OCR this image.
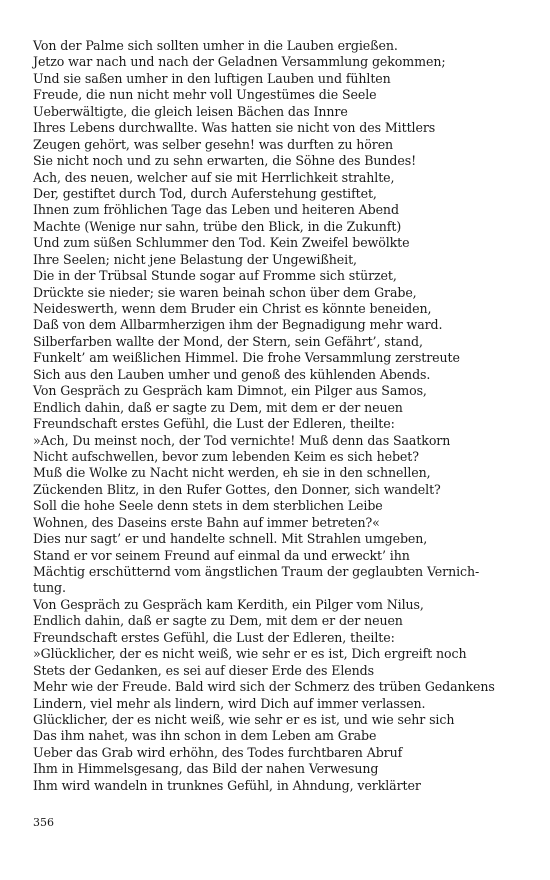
Von der Palme sich sollten umher in die Lauben ergießen.
Jetzo war nach und nach der Geladnen Versammlung gekommen;
Und sie saßen umher in den luftigen Lauben und fühlten
Freude, die nun nicht mehr voll Ungestümes die Seele
Ueberwältigte, die gleich leisen Bächen das Innre
Ihres Lebens durchwallte. Was hatten sie nicht von des Mittlers
Zeugen gehört, was selber gesehn! was durften zu hören
Sie nicht noch und zu sehn erwarten, die Söhne des Bundes!
Ach, des neuen, welcher auf sie mit Herrlichkeit strahlte,
Der, gestiftet durch Tod, durch Auferstehung gestiftet,
Ihnen zum fröhlichen Tage das Leben und heiteren Abend
Machte (Wenige nur sahn, trübe den Blick, in die Zukunft)
Und zum süßen Schlummer den Tod. Kein Zweifel bewölkte
Ihre Seelen; nicht jene Belastung der Ungewißheit,
Die in der Trübsal Stunde sogar auf Fromme sich stürzet,
Drückte sie nieder; sie waren beinah schon über dem Grabe,
Neideswerth, wenn dem Bruder ein Christ es könnte beneiden,
Daß von dem Allbarmherzigen ihm der Begnadigung mehr ward.
Silberfarben wallte der Mond, der Stern, sein Gefährt’, stand,
Funkelt’ am weißlichen Himmel. Die frohe Versammlung zerstreute
Sich aus den Lauben umher und genoß des kühlenden Abends.
Von Gespräch zu Gespräch kam Dimnot, ein Pilger aus Samos,
Endlich dahin, daß er sagte zu Dem, mit dem er der neuen
Freundschaft erstes Gefühl, die Lust der Edleren, theilte:
»Ach, Du meinst noch, der Tod vernichte! Muß denn das Saatkorn
Nicht aufschwellen, bevor zum lebenden Keim es sich hebet?
Muß die Wolke zu Nacht nicht werden, eh sie in den schnellen,
Zückenden Blitz, in den Rufer Gottes, den Donner, sich wandelt?
Soll die hohe Seele denn stets in dem sterblichen Leibe
Wohnen, des Daseins erste Bahn auf immer betreten?«
Dies nur sagt’ er und handelte schnell. Mit Strahlen umgeben,
Stand er vor seinem Freund auf einmal da und erweckt’ ihn
Mächtig erschütternd vom ängstlichen Traum der geglaubten Vernich-
tung.
Von Gespräch zu Gespräch kam Kerdith, ein Pilger vom Nilus,
Endlich dahin, daß er sagte zu Dem, mit dem er der neuen
Freundschaft erstes Gefühl, die Lust der Edleren, theilte:
»Glücklicher, der es nicht weiß, wie sehr er es ist, Dich ergreift noch
Stets der Gedanken, es sei auf dieser Erde des Elends
Mehr wie der Freude. Bald wird sich der Schmerz des trüben Gedankens
Lindern, viel mehr als lindern, wird Dich auf immer verlassen.
Glücklicher, der es nicht weiß, wie sehr er es ist, und wie sehr sich
Das ihm nahet, was ihn schon in dem Leben am Grabe
Ueber das Grab wird erhöhn, des Todes furchtbaren Abruf
Ihm in Himmelsgesang, das Bild der nahen Verwesung
Ihm wird wandeln in trunknes Gefühl, in Ahndung, verklärter
356
